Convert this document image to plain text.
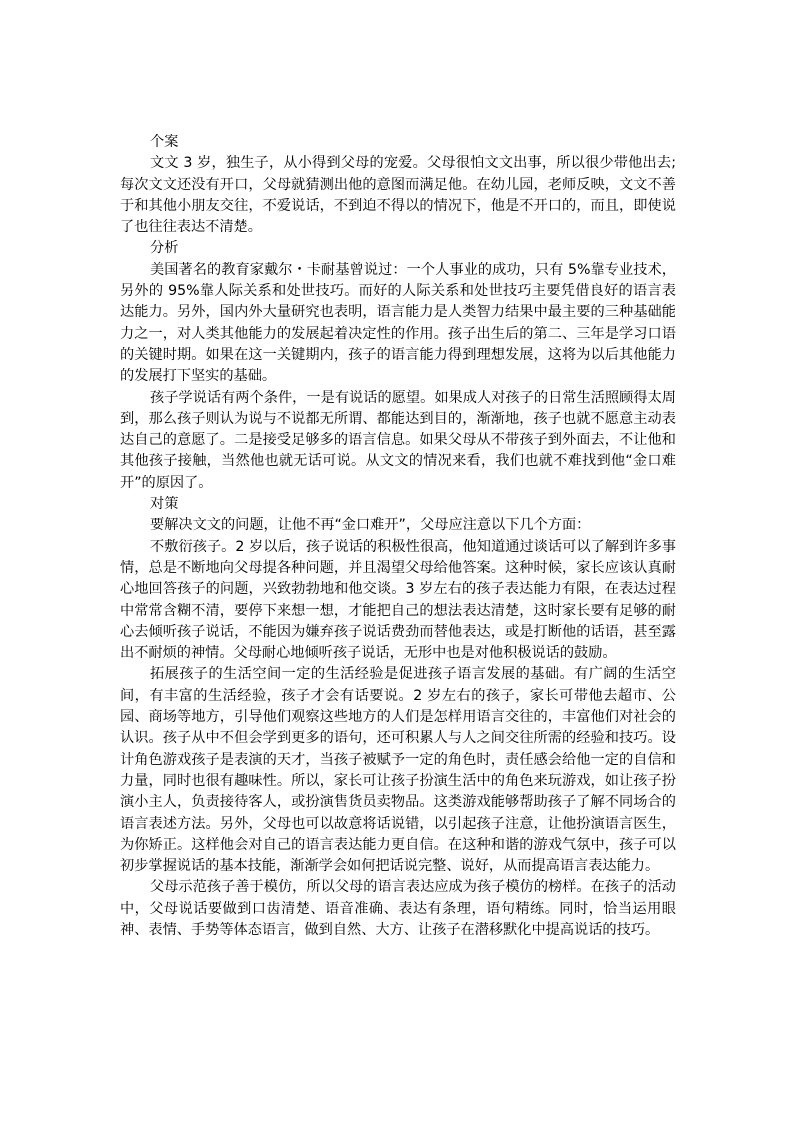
个案

文文 3 岁，独生子，从小得到父母的宠爱。父母很怕文文出事，所以很少带他出去;每次文文还没有开口，父母就猜测出他的意图而满足他。在幼儿园，老师反映，文文不善于和其他小朋友交往，不爱说话，不到迫不得以的情况下，他是不开口的，而且，即使说了也往往表达不清楚。

分析

美国著名的教育家戴尔・卡耐基曾说过：一个人事业的成功，只有 5%靠专业技术，另外的 95%靠人际关系和处世技巧。而好的人际关系和处世技巧主要凭借良好的语言表达能力。另外，国内外大量研究也表明，语言能力是人类智力结果中最主要的三种基础能力之一，对人类其他能力的发展起着决定性的作用。孩子出生后的第二、三年是学习口语的关键时期。如果在这一关键期内，孩子的语言能力得到理想发展，这将为以后其他能力的发展打下坚实的基础。

孩子学说话有两个条件，一是有说话的愿望。如果成人对孩子的日常生活照顾得太周到，那么孩子则认为说与不说都无所谓、都能达到目的，渐渐地，孩子也就不愿意主动表达自己的意愿了。二是接受足够多的语言信息。如果父母从不带孩子到外面去，不让他和其他孩子接触，当然他也就无话可说。从文文的情况来看，我们也就不难找到他“金口难开”的原因了。

对策

要解决文文的问题，让他不再“金口难开”，父母应注意以下几个方面：

不敷衍孩子。2 岁以后，孩子说话的积极性很高，他知道通过谈话可以了解到许多事情，总是不断地向父母提各种问题，并且渴望父母给他答案。这种时候，家长应该认真耐心地回答孩子的问题，兴致勃勃地和他交谈。3 岁左右的孩子表达能力有限，在表达过程中常常含糊不清，要停下来想一想，才能把自己的想法表达清楚，这时家长要有足够的耐心去倾听孩子说话，不能因为嫌弃孩子说话费劲而替他表达，或是打断他的话语，甚至露出不耐烦的神情。父母耐心地倾听孩子说话，无形中也是对他积极说话的鼓励。

拓展孩子的生活空间一定的生活经验是促进孩子语言发展的基础。有广阔的生活空间，有丰富的生活经验，孩子才会有话要说。2 岁左右的孩子，家长可带他去超市、公园、商场等地方，引导他们观察这些地方的人们是怎样用语言交往的，丰富他们对社会的认识。孩子从中不但会学到更多的语句，还可积累人与人之间交往所需的经验和技巧。设计角色游戏孩子是表演的天才，当孩子被赋予一定的角色时，责任感会给他一定的自信和力量，同时也很有趣味性。所以，家长可让孩子扮演生活中的角色来玩游戏，如让孩子扮演小主人，负责接待客人，或扮演售货员卖物品。这类游戏能够帮助孩子了解不同场合的语言表述方法。另外，父母也可以故意将话说错，以引起孩子注意，让他扮演语言医生，为你矫正。这样他会对自己的语言表达能力更自信。在这种和谐的游戏气氛中，孩子可以初步掌握说话的基本技能，渐渐学会如何把话说完整、说好，从而提高语言表达能力。

父母示范孩子善于模仿，所以父母的语言表达应成为孩子模仿的榜样。在孩子的活动中，父母说话要做到口齿清楚、语音准确、表达有条理，语句精练。同时，恰当运用眼神、表情、手势等体态语言，做到自然、大方、让孩子在潜移默化中提高说话的技巧。
